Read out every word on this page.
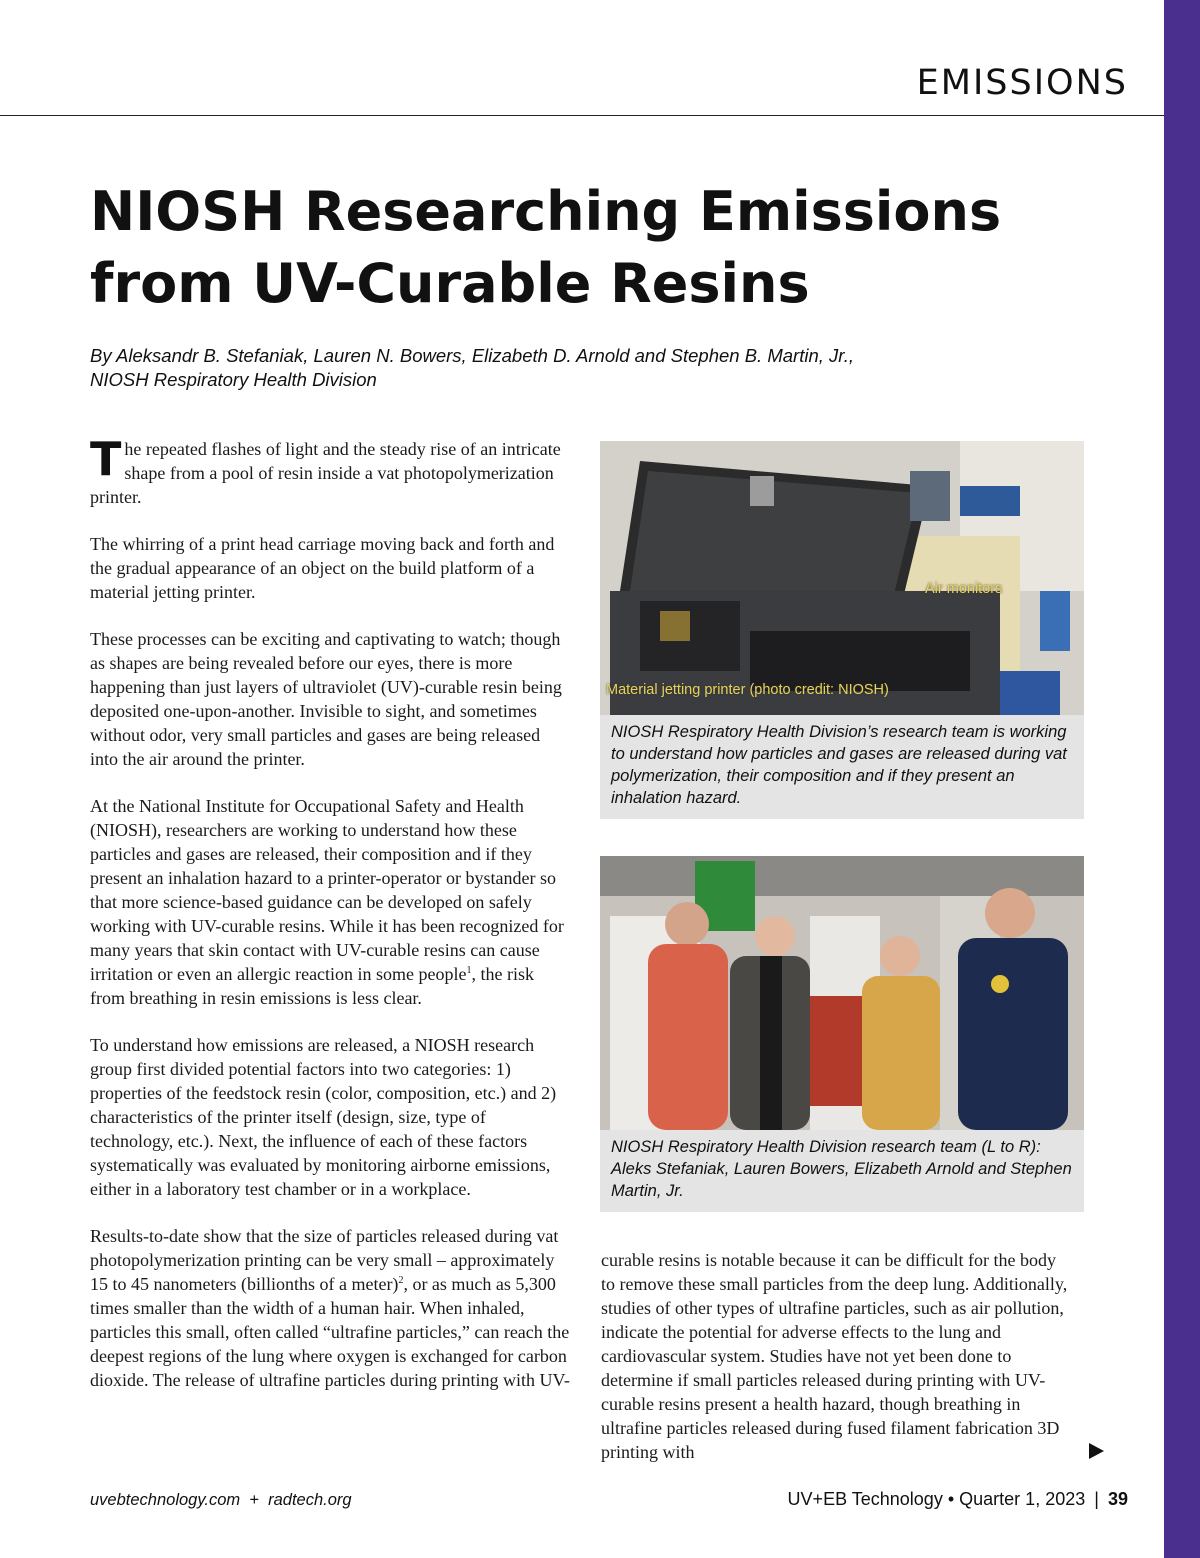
EMISSIONS
NIOSH Researching Emissions
from UV-Curable Resins
By Aleksandr B. Stefaniak, Lauren N. Bowers, Elizabeth D. Arnold and Stephen B. Martin, Jr.,
NIOSH Respiratory Health Division

The repeated flashes of light and the steady rise of an intricate shape from a pool of resin inside a vat photopolymerization printer.

The whirring of a print head carriage moving back and forth and the gradual appearance of an object on the build platform of a material jetting printer.

These processes can be exciting and captivating to watch; though as shapes are being revealed before our eyes, there is more happening than just layers of ultraviolet (UV)-curable resin being deposited one-upon-another. Invisible to sight, and sometimes without odor, very small particles and gases are being released into the air around the printer.

At the National Institute for Occupational Safety and Health (NIOSH), researchers are working to understand how these particles and gases are released, their composition and if they present an inhalation hazard to a printer-operator or bystander so that more science-based guidance can be developed on safely working with UV-curable resins. While it has been recognized for many years that skin contact with UV-curable resins can cause irritation or even an allergic reaction in some people$^1$, the risk from breathing in resin emissions is less clear.

To understand how emissions are released, a NIOSH research group first divided potential factors into two categories: 1) properties of the feedstock resin (color, composition, etc.) and 2) characteristics of the printer itself (design, size, type of technology, etc.). Next, the influence of each of these factors systematically was evaluated by monitoring airborne emissions, either in a laboratory test chamber or in a workplace.

Results-to-date show that the size of particles released during vat photopolymerization printing can be very small – approximately 15 to 45 nanometers (billionths of a meter)$^2$, or as much as 5,300 times smaller than the width of a human hair. When inhaled, particles this small, often called “ultrafine particles,” can reach the deepest regions of the lung where oxygen is exchanged for carbon dioxide. The release of ultrafine particles during printing with UV-

Air monitors
Material jetting printer (photo credit: NIOSH)
NIOSH Respiratory Health Division’s research team is working to understand how particles and gases are released during vat polymerization, their composition and if they present an inhalation hazard.
NIOSH Respiratory Health Division research team (L to R): Aleks Stefaniak, Lauren Bowers, Elizabeth Arnold and Stephen Martin, Jr.

curable resins is notable because it can be difficult for the body to remove these small particles from the deep lung. Additionally, studies of other types of ultrafine particles, such as air pollution, indicate the potential for adverse effects to the lung and cardiovascular system. Studies have not yet been done to determine if small particles released during printing with UV-curable resins present a health hazard, though breathing in ultrafine particles released during fused filament fabrication 3D printing with

uvebtechnology.com  +  radtech.org	UV+EB Technology • Quarter 1, 2023 | 39
